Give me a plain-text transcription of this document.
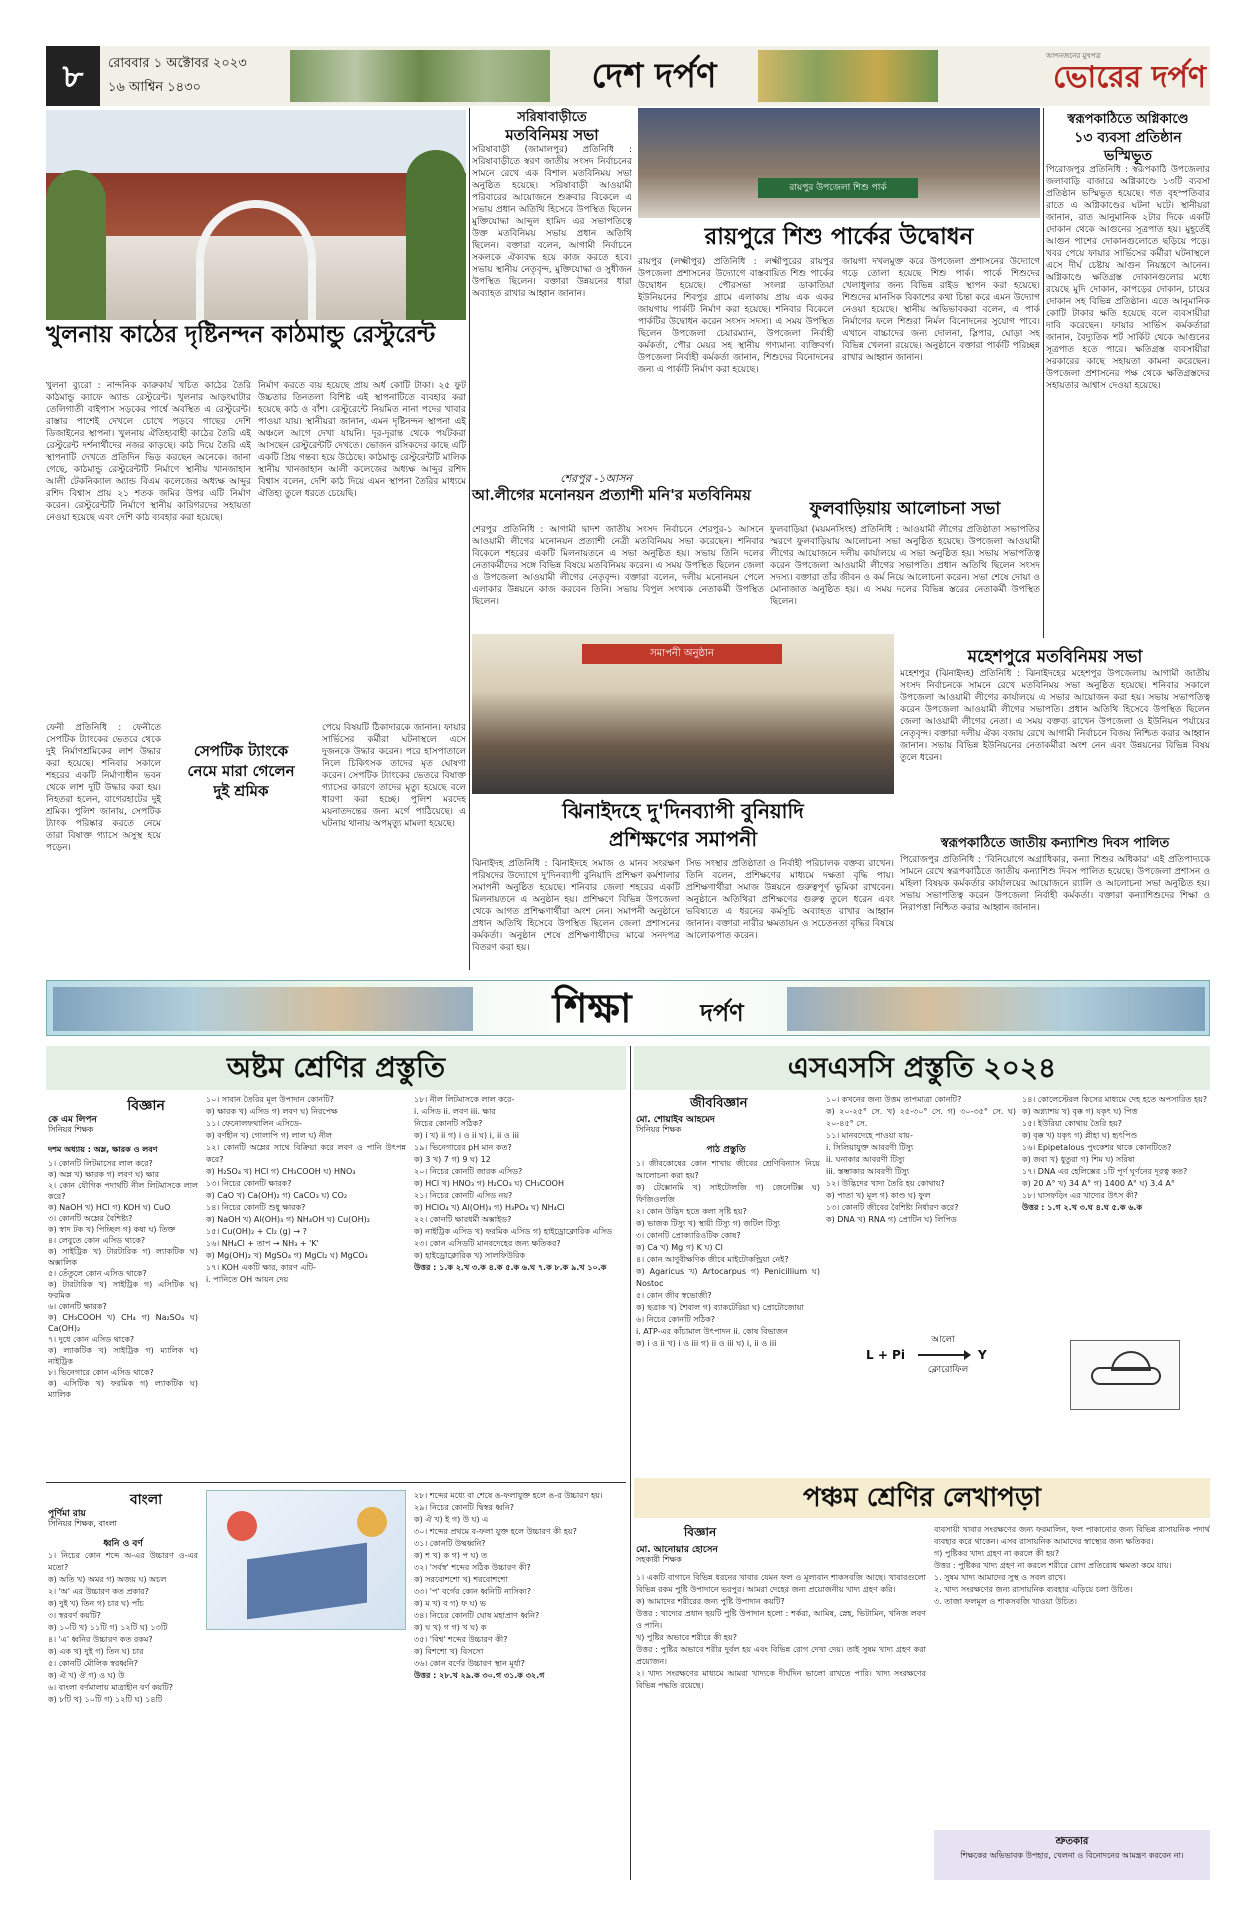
৮	রোববার ১ অক্টোবর ২০২৩
১৬ আশ্বিন ১৪৩০	দেশ দর্পণ	আপনজনের মুখপত্র
ভোরের দর্পণ
খুলনায় কাঠের দৃষ্টিনন্দন কাঠমান্ডু রেস্টুরেন্ট
খুলনা ব্যুরো : নান্দনিক কারুকার্য খচিত কাঠের তৈরি কাঠমান্ডু ক্যাফে অ্যান্ড রেস্টুরেন্ট। খুলনার আড়ংঘাটার তেলিগাতী বাইপাস সড়কের পার্শ্বে অবস্থিত এ রেস্টুরেন্ট। রাস্তার পাশেই দেখলে চোখে পড়বে গাছের দেশি ডিজাইনের স্থাপনা। খুলনায় ঐতিহ্যবাহী কাঠের তৈরি এই রেস্টুরেন্ট দর্শনার্থীদের নজর কাড়ছে। কাঠ দিয়ে তৈরি এই স্থাপনাটি দেখতে প্রতিদিন ভিড় করছেন অনেকে। জানা গেছে, কাঠমান্ডু রেস্টুরেন্টটি নির্মাণে স্থানীয় খানজাহান আলী টেকনিক্যাল অ্যান্ড বিএম কলেজের অধ্যক্ষ আব্দুর রশিদ বিশ্বাস প্রায় ২১ শতক জমির উপর এটি নির্মাণ করেন। রেস্টুরেন্টটি নির্মাণে স্থানীয় কারিগরদের সহায়তা নেওয়া হয়েছে এবং দেশি কাঠ ব্যবহার করা হয়েছে।
নির্মাণ করতে ব্যয় হয়েছে প্রায় অর্ধ কোটি টাকা। ২৫ ফুট উচ্চতার তিনতলা বিশিষ্ট এই স্থাপনাটিতে ব্যবহার করা হয়েছে কাঠ ও বাঁশ। রেস্টুরেন্টে নিয়মিত নানা পদের খাবার পাওয়া যায়। স্থানীয়রা জানান, এমন দৃষ্টিনন্দন স্থাপনা এই অঞ্চলে আগে দেখা যায়নি। দূর-দূরান্ত থেকে পর্যটকরা আসছেন রেস্টুরেন্টটি দেখতে। ভোজন রসিকদের কাছে এটি একটি প্রিয় গন্তব্য হয়ে উঠেছে। কাঠমান্ডু রেস্টুরেন্টটি মালিক স্থানীয় খানজাহান আলী কলেজের অধ্যক্ষ আব্দুর রশিদ বিশ্বাস বলেন, দেশি কাঠ দিয়ে এমন স্থাপনা তৈরির মাধ্যমে ঐতিহ্য তুলে ধরতে চেয়েছি।
সরিষাবাড়ীতে
মতবিনিময় সভা
সরিষাবাড়ী (জামালপুর) প্রতিনিধি : সরিষাবাড়ীতে স্বরণ জাতীয় সংসদ নির্বাচনের সামনে রেখে এক বিশাল মতবিনিময় সভা অনুষ্ঠিত হয়েছে। সরিষাবাড়ী আওয়ামী পরিবারের আয়োজনে শুক্রবার বিকেলে এ সভায় প্রধান অতিথি হিসেবে উপস্থিত ছিলেন মুক্তিযোদ্ধা আব্দুল হামিদ এর সভাপতিত্বে উক্ত মতবিনিময় সভায় প্রধান অতিথি ছিলেন। বক্তারা বলেন, আগামী নির্বাচনে সকলকে ঐক্যবদ্ধ হয়ে কাজ করতে হবে। সভায় স্থানীয় নেতৃবৃন্দ, মুক্তিযোদ্ধা ও সুধীজন উপস্থিত ছিলেন। বক্তারা উন্নয়নের ধারা অব্যাহত রাখার আহ্বান জানান।
রায়পুর উপজেলা শিশু পার্ক
রায়পুরে শিশু পার্কের উদ্বোধন
রায়পুর (লক্ষ্মীপুর) প্রতিনিধি : লক্ষ্মীপুরের রায়পুর উপজেলা প্রশাসনের উদ্যোগে বাস্তবায়িত শিশু পার্কের উদ্বোধন হয়েছে। পৌরসভা সংলগ্ন ডাকাতিয়া ইউনিয়নের শিবপুর গ্রামে এলাকায় প্রায় এক একর জায়গায় পার্কটি নির্মাণ করা হয়েছে। শনিবার বিকেলে পার্কটির উদ্বোধন করেন সংসদ সদস্য। এ সময় উপস্থিত ছিলেন উপজেলা চেয়ারম্যান, উপজেলা নির্বাহী কর্মকর্তা, পৌর মেয়র সহ স্থানীয় গণ্যমান্য ব্যক্তিবর্গ। উপজেলা নির্বাহী কর্মকর্তা জানান, শিশুদের বিনোদনের জন্য এ পার্কটি নির্মাণ করা হয়েছে।
জায়গা দখলমুক্ত করে উপজেলা প্রশাসনের উদ্যোগে গড়ে তোলা হয়েছে শিশু পার্ক। পার্কে শিশুদের খেলাধুলার জন্য বিভিন্ন রাইড স্থাপন করা হয়েছে। শিশুদের মানসিক বিকাশের কথা চিন্তা করে এমন উদ্যোগ নেওয়া হয়েছে। স্থানীয় অভিভাবকরা বলেন, এ পার্ক নির্মাণের ফলে শিশুরা নির্মল বিনোদনের সুযোগ পাবে। এখানে বাচ্চাদের জন্য দোলনা, স্লিপার, ঘোড়া সহ বিভিন্ন খেলনা রয়েছে। অনুষ্ঠানে বক্তারা পার্কটি পরিচ্ছন্ন রাখার আহ্বান জানান।
স্বরূপকাঠিতে অগ্নিকাণ্ডে
১৩ ব্যবসা প্রতিষ্ঠান
ভস্মিভূত
পিরোজপুর প্রতিনিধি : স্বরূপকাঠি উপজেলার জলাবাড়ি বাজারে অগ্নিকাণ্ডে ১৩টি ব্যবসা প্রতিষ্ঠান ভস্মিভূত হয়েছে। গত বৃহস্পতিবার রাতে এ অগ্নিকাণ্ডের ঘটনা ঘটে। স্থানীয়রা জানান, রাত আনুমানিক ২টার দিকে একটি দোকান থেকে আগুনের সূত্রপাত হয়। মুহূর্তেই আগুন পাশের দোকানগুলোতে ছড়িয়ে পড়ে। খবর পেয়ে ফায়ার সার্ভিসের কর্মীরা ঘটনাস্থলে এসে দীর্ঘ চেষ্টায় আগুন নিয়ন্ত্রণে আনেন। অগ্নিকাণ্ডে ক্ষতিগ্রস্ত দোকানগুলোর মধ্যে রয়েছে মুদি দোকান, কাপড়ের দোকান, চায়ের দোকান সহ বিভিন্ন প্রতিষ্ঠান। এতে আনুমানিক কোটি টাকার ক্ষতি হয়েছে বলে ব্যবসায়ীরা দাবি করেছেন। ফায়ার সার্ভিস কর্মকর্তারা জানান, বৈদ্যুতিক শর্ট সার্কিট থেকে আগুনের সূত্রপাত হতে পারে। ক্ষতিগ্রস্ত ব্যবসায়ীরা সরকারের কাছে সহায়তা কামনা করেছেন। উপজেলা প্রশাসনের পক্ষ থেকে ক্ষতিগ্রস্তদের সহায়তার আশ্বাস দেওয়া হয়েছে।
শেরপুর -১আসন
আ.লীগের মনোনয়ন প্রত্যাশী মনি'র মতবিনিময়
শেরপুর প্রতিনিধি : আগামী দ্বাদশ জাতীয় সংসদ নির্বাচনে শেরপুর-১ আসনে আওয়ামী লীগের মনোনয়ন প্রত্যাশী নেত্রী মতবিনিময় সভা করেছেন। শনিবার বিকেলে শহরের একটি মিলনায়তনে এ সভা অনুষ্ঠিত হয়। সভায় তিনি দলের নেতাকর্মীদের সঙ্গে বিভিন্ন বিষয়ে মতবিনিময় করেন। এ সময় উপস্থিত ছিলেন জেলা ও উপজেলা আওয়ামী লীগের নেতৃবৃন্দ। বক্তারা বলেন, দলীয় মনোনয়ন পেলে এলাকার উন্নয়নে কাজ করবেন তিনি। সভায় বিপুল সংখ্যক নেতাকর্মী উপস্থিত ছিলেন।
ফুলবাড়িয়ায় আলোচনা সভা
ফুলবাড়িয়া (ময়মনসিংহ) প্রতিনিধি : আওয়ামী লীগের প্রতিষ্ঠাতা সভাপতির স্মরণে ফুলবাড়িয়ায় আলোচনা সভা অনুষ্ঠিত হয়েছে। উপজেলা আওয়ামী লীগের আয়োজনে দলীয় কার্যালয়ে এ সভা অনুষ্ঠিত হয়। সভায় সভাপতিত্ব করেন উপজেলা আওয়ামী লীগের সভাপতি। প্রধান অতিথি ছিলেন সংসদ সদস্য। বক্তারা তাঁর জীবন ও কর্ম নিয়ে আলোচনা করেন। সভা শেষে দোয়া ও মোনাজাত অনুষ্ঠিত হয়। এ সময় দলের বিভিন্ন স্তরের নেতাকর্মী উপস্থিত ছিলেন।
সমাপনী অনুষ্ঠান
ঝিনাইদহে দু'দিনব্যাপী বুনিয়াদি
প্রশিক্ষণের সমাপনী
ঝিনাইদহ প্রতিনিধি : ঝিনাইদহে সমাজ ও মানব সংরক্ষণ পরিষদের উদ্যোগে দু'দিনব্যাপী বুনিয়াদি প্রশিক্ষণ কর্মশালার সমাপনী অনুষ্ঠিত হয়েছে। শনিবার জেলা শহরের একটি মিলনায়তনে এ অনুষ্ঠান হয়। প্রশিক্ষণে বিভিন্ন উপজেলা থেকে আগত প্রশিক্ষণার্থীরা অংশ নেন। সমাপনী অনুষ্ঠানে প্রধান অতিথি হিসেবে উপস্থিত ছিলেন জেলা প্রশাসনের কর্মকর্তা। অনুষ্ঠান শেষে প্রশিক্ষণার্থীদের মাঝে সনদপত্র বিতরণ করা হয়।
সিভ সংস্থার প্রতিষ্ঠাতা ও নির্বাহী পরিচালক বক্তব্য রাখেন। তিনি বলেন, প্রশিক্ষণের মাধ্যমে দক্ষতা বৃদ্ধি পায়। প্রশিক্ষণার্থীরা সমাজ উন্নয়নে গুরুত্বপূর্ণ ভূমিকা রাখবেন। অনুষ্ঠানে অতিথিরা প্রশিক্ষণের গুরুত্ব তুলে ধরেন এবং ভবিষ্যতে এ ধরনের কর্মসূচি অব্যাহত রাখার আহ্বান জানান। বক্তারা নারীর ক্ষমতায়ন ও সচেতনতা বৃদ্ধির বিষয়ে আলোকপাত করেন।
মহেশপুরে মতবিনিময় সভা
মহেশপুর (ঝিনাইদহ) প্রতিনিধি : ঝিনাইদহের মহেশপুর উপজেলায় আগামী জাতীয় সংসদ নির্বাচনকে সামনে রেখে মতবিনিময় সভা অনুষ্ঠিত হয়েছে। শনিবার সকালে উপজেলা আওয়ামী লীগের কার্যালয়ে এ সভার আয়োজন করা হয়। সভায় সভাপতিত্ব করেন উপজেলা আওয়ামী লীগের সভাপতি। প্রধান অতিথি হিসেবে উপস্থিত ছিলেন জেলা আওয়ামী লীগের নেতা। এ সময় বক্তব্য রাখেন উপজেলা ও ইউনিয়ন পর্যায়ের নেতৃবৃন্দ। বক্তারা দলীয় ঐক্য বজায় রেখে আগামী নির্বাচনে বিজয় নিশ্চিত করার আহ্বান জানান। সভায় বিভিন্ন ইউনিয়নের নেতাকর্মীরা অংশ নেন এবং উন্নয়নের বিভিন্ন বিষয় তুলে ধরেন।
স্বরূপকাঠিতে জাতীয় কন্যাশিশু দিবস পালিত
পিরোজপুর প্রতিনিধি : 'বিনিয়োগে অগ্রাধিকার, কন্যা শিশুর অধিকার' এই প্রতিপাদ্যকে সামনে রেখে স্বরূপকাঠিতে জাতীয় কন্যাশিশু দিবস পালিত হয়েছে। উপজেলা প্রশাসন ও মহিলা বিষয়ক কর্মকর্তার কার্যালয়ের আয়োজনে র‍্যালি ও আলোচনা সভা অনুষ্ঠিত হয়। সভায় সভাপতিত্ব করেন উপজেলা নির্বাহী কর্মকর্তা। বক্তারা কন্যাশিশুদের শিক্ষা ও নিরাপত্তা নিশ্চিত করার আহ্বান জানান।
ফেনী প্রতিনিধি : ফেনীতে সেপটিক ট্যাংকের ভেতরে থেকে দুই নির্মাণশ্রমিকের লাশ উদ্ধার করা হয়েছে। শনিবার সকালে শহরের একটি নির্মাণাধীন ভবন থেকে লাশ দুটি উদ্ধার করা হয়। নিহতরা হলেন, বাগেরহাটের দুই শ্রমিক। পুলিশ জানায়, সেপটিক ট্যাংক পরিষ্কার করতে নেমে তারা বিষাক্ত গ্যাসে অসুস্থ হয়ে পড়েন।
সেপটিক ট্যাংকে
নেমে মারা গেলেন
দুই শ্রমিক
পেয়ে বিষয়টি ঠিকাদারকে জানান। ফায়ার সার্ভিসের কর্মীরা ঘটনাস্থলে এসে দুজনকে উদ্ধার করেন। পরে হাসপাতালে নিলে চিকিৎসক তাদের মৃত ঘোষণা করেন। সেপটিক ট্যাংকের ভেতরে বিষাক্ত গ্যাসের কারণে তাদের মৃত্যু হয়েছে বলে ধারণা করা হচ্ছে। পুলিশ মরদেহ ময়নাতদন্তের জন্য মর্গে পাঠিয়েছে। এ ঘটনায় থানায় অপমৃত্যু মামলা হয়েছে।
শিক্ষা	দর্পণ
অষ্টম শ্রেণির প্রস্তুতি
বিজ্ঞান
কে এম লিপন
সিনিয়র শিক্ষক
দশম অধ্যায় : অম্ল, ক্ষারক ও লবণ
১। কোনটি লিটমাসের লাল করে?
ক) অম্ল খ) ক্ষারক গ) লবণ ঘ) ক্ষার
২। কোন যৌগিক পদার্থটি নীল লিটমাসকে লাল করে?
ক) NaOH খ) HCl গ) KOH ঘ) CuO
৩। কোনটি অম্লের বৈশিষ্ট্য?
ক) স্বাদ টক খ) পিচ্ছিল গ) কষা ঘ) তিক্ত
৪। লেবুতে কোন এসিড থাকে?
ক) সাইট্রিক খ) টারটারিক গ) ল্যাকটিক ঘ) অক্সালিক
৫। তেঁতুলে কোন এসিড থাকে?
ক) টারটারিক খ) সাইট্রিক গ) এসিটিক ঘ) ফরমিক
৬। কোনটি ক্ষারক?
ক) CH₃COOH খ) CH₄ গ) Na₂SO₄ ঘ) Ca(OH)₂
৭। দুধে কোন এসিড থাকে?
ক) ল্যাকটিক খ) সাইট্রিক গ) ম্যালিক ঘ) নাইট্রিক
৮। ভিনেগারে কোন এসিড থাকে?
ক) এসিটিক খ) ফরমিক গ) ল্যাকটিক ঘ) ম্যালিক
১০। সাবান তৈরির মূল উপাদান কোনটি?
ক) ক্ষারক খ) এসিড গ) লবণ ঘ) নিরপেক্ষ
১১। ফেনোলফথালিন এসিডে-
ক) বর্ণহীন খ) গোলাপি গ) লাল ঘ) নীল
১২। কোনটি অম্লের সাথে বিক্রিয়া করে লবণ ও পানি উৎপন্ন করে?
ক) H₂SO₄ খ) HCl গ) CH₃COOH ঘ) HNO₃
১৩। নিচের কোনটি ক্ষারক?
ক) CaO খ) Ca(OH)₂ গ) CaCO₃ ঘ) CO₂
১৪। নিচের কোনটি শুধু ক্ষারক?
ক) NaOH খ) Al(OH)₃ গ) NH₄OH ঘ) Cu(OH)₂
১৫। Cu(OH)₂ + Cl₂ (g) → ?
১৬। NH₄Cl + তাপ → NH₃ + 'K'
ক) Mg(OH)₂ খ) MgSO₄ গ) MgCl₂ ঘ) MgCO₃
১৭। KOH একটি ক্ষার, কারণ এটি-
i. পানিতে OH আয়ন দেয়
১৮। নীল লিটমাসকে লাল করে-
i. এসিড ii. লবণ iii. ক্ষার
নিচের কোনটি সঠিক?
ক) i খ) ii গ) i ও ii ঘ) i, ii ও iii
১৯। ভিনেগারের pH মান কত?
ক) 3 খ) 7 গ) 9 ঘ) 12
২০। নিচের কোনটি জারক এসিড?
ক) HCl খ) HNO₃ গ) H₂CO₃ ঘ) CH₃COOH
২১। নিচের কোনটি এসিড নয়?
ক) HClO₄ খ) Al(OH)₃ গ) H₃PO₄ ঘ) NH₄Cl
২২। কোনটি ক্ষারধর্মী অক্সাইড?
ক) নাইট্রিক এসিড খ) ফরমিক এসিড গ) হাইড্রোক্লোরিক এসিড
২৩। কোন এসিডটি মানবদেহের জন্য ক্ষতিকর?
ক) হাইড্রোক্লোরিক খ) সালফিউরিক
উত্তর : ১.ক ২.খ ৩.ক ৪.ক ৫.ক ৬.ঘ ৭.ক ৮.ক ৯.খ ১০.ক
বাংলা
পূর্ণিমা রায়
সিনিয়র শিক্ষক, বাংলা
ধ্বনি ও বর্ণ
১। নিচের কোন শব্দে অ-এর উচ্চারণ ও-এর মতো?
ক) অতি খ) অমর গ) অজয় ঘ) অচল
২। 'অ' এর উচ্চারণ কত প্রকার?
ক) দুই খ) তিন গ) চার ঘ) পাঁচ
৩। স্বরবর্ণ কয়টি?
ক) ১০টি খ) ১১টি গ) ১২টি ঘ) ১৩টি
৪। 'এ' ধ্বনির উচ্চারণ কত রকম?
ক) এক খ) দুই গ) তিন ঘ) চার
৫। কোনটি মৌলিক স্বরধ্বনি?
ক) ঐ খ) ঔ গ) ও ঘ) উ
৬। বাংলা বর্ণমালায় মাত্রাহীন বর্ণ কয়টি?
ক) ৮টি খ) ১০টি গ) ১২টি ঘ) ১৪টি
২৮। শব্দের মধ্যে বা শেষে ঙ-ফলাযুক্ত হলে ঙ-র উচ্চারণ হয়।
২৯। নিচের কোনটি দ্বিস্বর ধ্বনি?
ক) ঐ খ) ই গ) উ ঘ) এ
৩০। শব্দের প্রথমে ব-ফলা যুক্ত হলে উচ্চারণ কী হয়?
৩১। কোনটি উষ্মধ্বনি?
ক) শ খ) ক গ) প ঘ) ত
৩২। 'সর্বস্ব' শব্দের সঠিক উচ্চারণ কী?
ক) সরবোশশো খ) শরবোশশো
৩৩। 'প' বর্গের কোন ধ্বনিটি নাসিক্য?
ক) ম খ) ব গ) ফ ঘ) ভ
৩৪। নিচের কোনটি ঘোষ মহাপ্রাণ ধ্বনি?
ক) ঘ খ) গ গ) খ ঘ) ক
৩৫। 'বিশ্ব' শব্দের উচ্চারণ কী?
ক) বিশশো খ) বিসসো
৩৬। কোন বর্ণের উচ্চারণ স্থান মূর্ধা?
উত্তর : ২৮.খ ২৯.ক ৩০.গ ৩১.ক ৩২.গ
এসএসসি প্রস্তুতি ২০২৪
জীববিজ্ঞান
মো. শোয়াইব আহমেদ
সিনিয়র শিক্ষক
পাঠ প্রস্তুতি
১। জীবকোষের কোন শাখায় জীবের শ্রেণিবিন্যাস নিয়ে আলোচনা করা হয়?
ক) টেক্সোনমি খ) সাইটোলজি গ) জেনেটিক্স ঘ) ফিজিওলজি
২। কোন উদ্ভিদ হতে কলা সৃষ্টি হয়?
ক) ভাজক টিস্যু খ) স্থায়ী টিস্যু গ) জটিল টিস্যু
৩। কোনটি প্রোক্যারিওটিক কোষ?
ক) Ca খ) Mg গ) K ঘ) Cl
৪। কোন আণুবীক্ষণিক জীবে মাইটোকন্ড্রিয়া নেই?
ক) Agaricus খ) Artocarpus গ) Penicillium ঘ) Nostoc
৫। কোন জীব স্বভোজী?
ক) ছত্রাক খ) শৈবাল গ) ব্যাকটেরিয়া ঘ) প্রোটোজোয়া
৬। নিচের কোনটি সঠিক?
i. ATP-এর কাঁচামাল উৎপাদন ii. কোষ বিভাজন
ক) i ও ii খ) i ও iii গ) ii ও iii ঘ) i, ii ও iii
১০। কখনের জন্য উত্তম তাপমাত্রা কোনটি?
ক) ২০-২৫° সে. খ) ২৫-৩০° সে. গ) ৩০-৩৫° সে. ঘ) ২০-৪৫° সে.
১১। মানবদেহে পাওয়া যায়-
i. সিলিয়াযুক্ত আবরণী টিস্যু
ii. ঘনাকার আবরণী টিস্যু
iii. স্তম্ভাকার আবরণী টিস্যু
১২। উদ্ভিদের খাদ্য তৈরি হয় কোথায়?
ক) পাতা খ) মূল গ) কাণ্ড ঘ) ফুল
১৩। কোনটি জীবের বৈশিষ্ট্য নির্ধারণ করে?
ক) DNA খ) RNA গ) প্রোটিন ঘ) লিপিড
L + Pi
আলো
Y
ক্লোরোফিল
১৪। কোলেস্টেরল কিসের মাধ্যমে দেহ হতে অপসারিত হয়?
ক) অগ্ন্যাশয় খ) বৃক্ক গ) যকৃৎ ঘ) পিত্ত
১৫। ইউরিয়া কোথায় তৈরি হয়?
ক) বৃক্ক খ) যকৃৎ গ) প্লীহা ঘ) হৃৎপিণ্ড
১৬। Epipetalous পুংকেশর থাকে কোনটিতে?
ক) জবা খ) ধুতুরা গ) শিম ঘ) সরিষা
১৭। DNA এর হেলিক্সের ১টি পূর্ণ ঘূর্ণনের দূরত্ব কত?
ক) 20 A° খ) 34 A° গ) 1400 A° ঘ) 3.4 A°
১৮। ঘাসফড়িং এর খাদ্যের উৎস কী?
উত্তর : ১.গ ২.খ ৩.ঘ ৪.ঘ ৫.ক ৬.ক
পঞ্চম শ্রেণির লেখাপড়া
বিজ্ঞান
মো. আনোয়ার হোসেন
সহকারী শিক্ষক
১। একটি বাগানে বিভিন্ন ধরনের খাবার যেমন ফল ও মূল্যবান শাকসবজি আছে। খাবারগুলো বিভিন্ন রকম পুষ্টি উপাদানে ভরপুর। আমরা দেহের জন্য প্রয়োজনীয় খাদ্য গ্রহণ করি।
ক) আমাদের শরীরের জন্য পুষ্টি উপাদান কয়টি?
উত্তর : খাদ্যের প্রধান ছয়টি পুষ্টি উপাদান হলো : শর্করা, আমিষ, স্নেহ, ভিটামিন, খনিজ লবণ ও পানি।
খ) পুষ্টির অভাবে শরীরে কী হয়?
উত্তর : পুষ্টির অভাবে শরীর দুর্বল হয় এবং বিভিন্ন রোগ দেখা দেয়। তাই সুষম খাদ্য গ্রহণ করা প্রয়োজন।
২। খাদ্য সংরক্ষণের মাধ্যমে আমরা খাদ্যকে দীর্ঘদিন ভালো রাখতে পারি। খাদ্য সংরক্ষণের বিভিন্ন পদ্ধতি রয়েছে।
ব্যবসায়ী খাবার সংরক্ষণের জন্য ফরমালিন, ফল পাকানোর জন্য বিভিন্ন রাসায়নিক পদার্থ ব্যবহার করে থাকেন। এসব রাসায়নিক আমাদের স্বাস্থ্যের জন্য ক্ষতিকর।
গ) পুষ্টিকর খাদ্য গ্রহণ না করলে কী হয়?
উত্তর : পুষ্টিকর খাদ্য গ্রহণ না করলে শরীরে রোগ প্রতিরোধ ক্ষমতা কমে যায়।
১. সুষম খাদ্য আমাদের সুস্থ ও সবল রাখে।
২. খাদ্য সংরক্ষণের জন্য রাসায়নিক ব্যবহার এড়িয়ে চলা উচিত।
৩. তাজা ফলমূল ও শাকসবজি খাওয়া উচিত।
শ্রুতকার
শিক্ষকের অভিভাবক উপহার, খেলনা ও বিনোদনের আমন্ত্রণ করবেন না।
